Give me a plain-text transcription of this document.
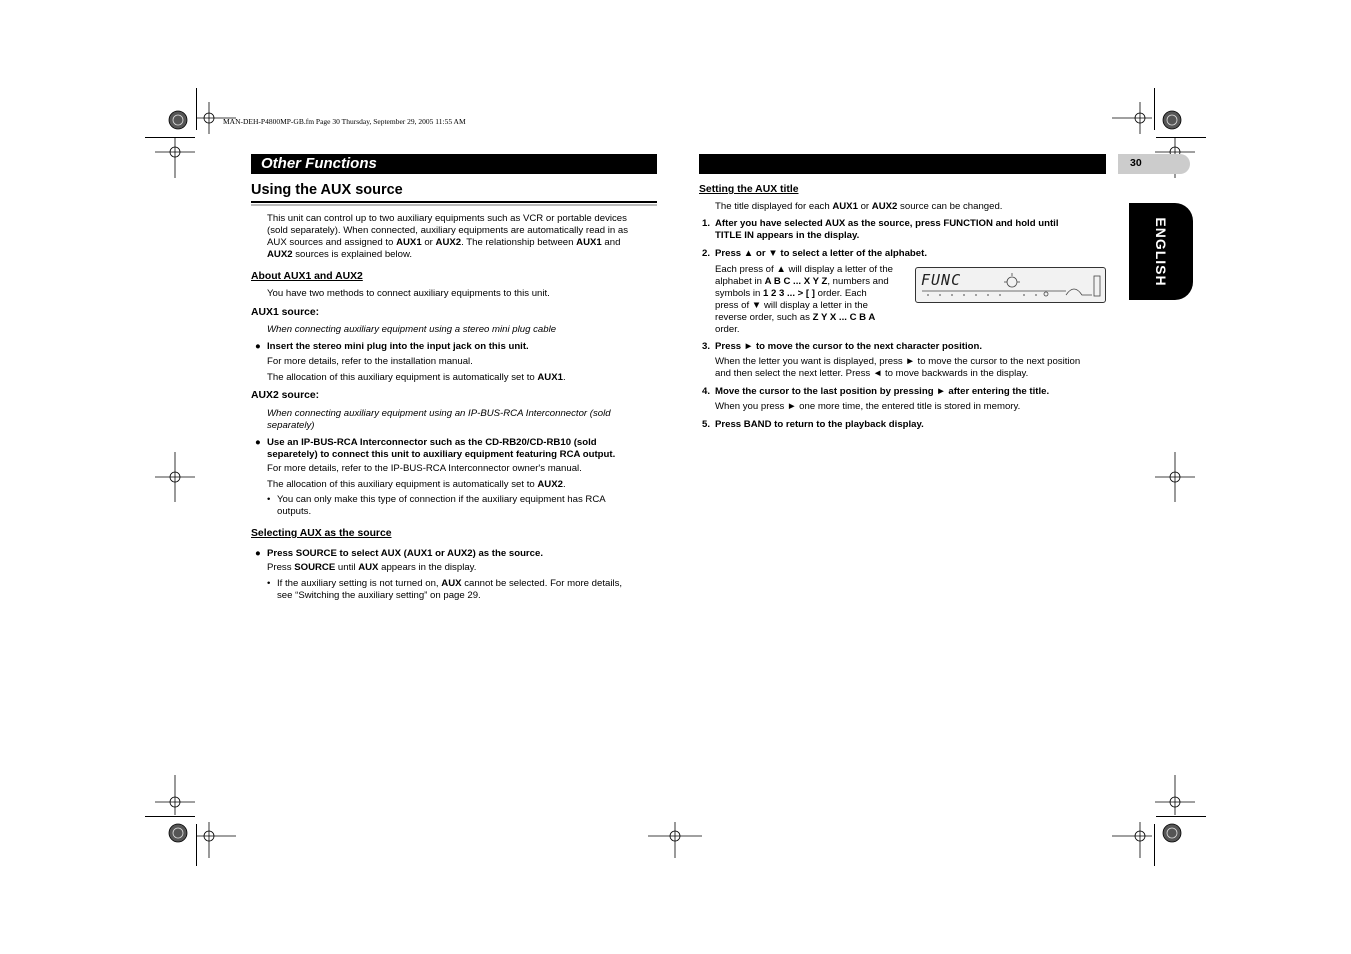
MAN-DEH-P4800MP-GB.fm Page 30 Thursday, September 29, 2005 11:55 AM
Other Functions	30
ENGLISH
Using the AUX source
This unit can control up to two auxiliary equipments such as VCR or portable devices
(sold separately). When connected, auxiliary equipments are automatically read in as
AUX sources and assigned to AUX1 or AUX2. The relationship between AUX1 and
AUX2 sources is explained below.
About AUX1 and AUX2
You have two methods to connect auxiliary equipments to this unit.
AUX1 source:
When connecting auxiliary equipment using a stereo mini plug cable
● Insert the stereo mini plug into the input jack on this unit.
For more details, refer to the installation manual.
The allocation of this auxiliary equipment is automatically set to AUX1.
AUX2 source:
When connecting auxiliary equipment using an IP-BUS-RCA Interconnector (sold
separately)
● Use an IP-BUS-RCA Interconnector such as the CD-RB20/CD-RB10 (sold
separetely) to connect this unit to auxiliary equipment featuring RCA output.
For more details, refer to the IP-BUS-RCA Interconnector owner's manual.
The allocation of this auxiliary equipment is automatically set to AUX2.
• You can only make this type of connection if the auxiliary equipment has RCA
outputs.
Selecting AUX as the source
● Press SOURCE to select AUX (AUX1 or AUX2) as the source.
Press SOURCE until AUX appears in the display.
• If the auxiliary setting is not turned on, AUX cannot be selected. For more details,
see “Switching the auxiliary setting” on page 29.
Setting the AUX title
The title displayed for each AUX1 or AUX2 source can be changed.
1. After you have selected AUX as the source, press FUNCTION and hold until
TITLE IN appears in the display.
2. Press ▲ or ▼ to select a letter of the alphabet.
Each press of ▲ will display a letter of the
alphabet in A B C ... X Y Z, numbers and
symbols in 1 2 3 ... > [ ] order. Each
press of ▼ will display a letter in the
reverse order, such as Z Y X ... C B A
order.
FUNC
3. Press ► to move the cursor to the next character position.
When the letter you want is displayed, press ► to move the cursor to the next position
and then select the next letter. Press ◄ to move backwards in the display.
4. Move the cursor to the last position by pressing ► after entering the title.
When you press ► one more time, the entered title is stored in memory.
5. Press BAND to return to the playback display.
